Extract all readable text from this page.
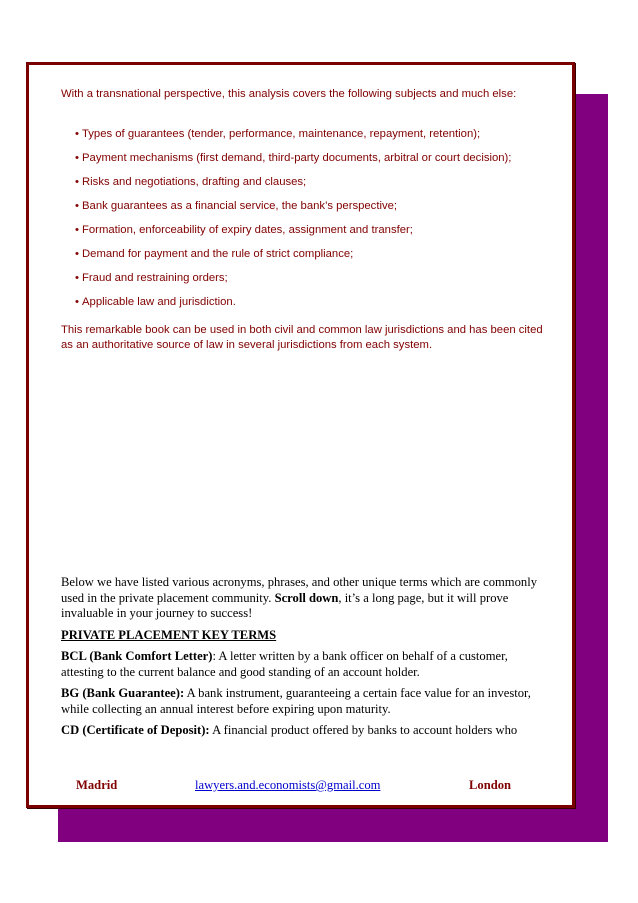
With a transnational perspective, this analysis covers the following subjects and much else:

• Types of guarantees (tender, performance, maintenance, repayment, retention);
• Payment mechanisms (first demand, third-party documents, arbitral or court decision);
• Risks and negotiations, drafting and clauses;
• Bank guarantees as a financial service, the bank’s perspective;
• Formation, enforceability of expiry dates, assignment and transfer;
• Demand for payment and the rule of strict compliance;
• Fraud and restraining orders;
• Applicable law and jurisdiction.

This remarkable book can be used in both civil and common law jurisdictions and has been cited as an authoritative source of law in several jurisdictions from each system.

Below we have listed various acronyms, phrases, and other unique terms which are commonly used in the private placement community. Scroll down, it’s a long page, but it will prove invaluable in your journey to success!

PRIVATE PLACEMENT KEY TERMS

BCL (Bank Comfort Letter): A letter written by a bank officer on behalf of a customer, attesting to the current balance and good standing of an account holder.

BG (Bank Guarantee): A bank instrument, guaranteeing a certain face value for an investor, while collecting an annual interest before expiring upon maturity.

CD (Certificate of Deposit): A financial product offered by banks to account holders who

Madrid	lawyers.and.economists@gmail.com	London
